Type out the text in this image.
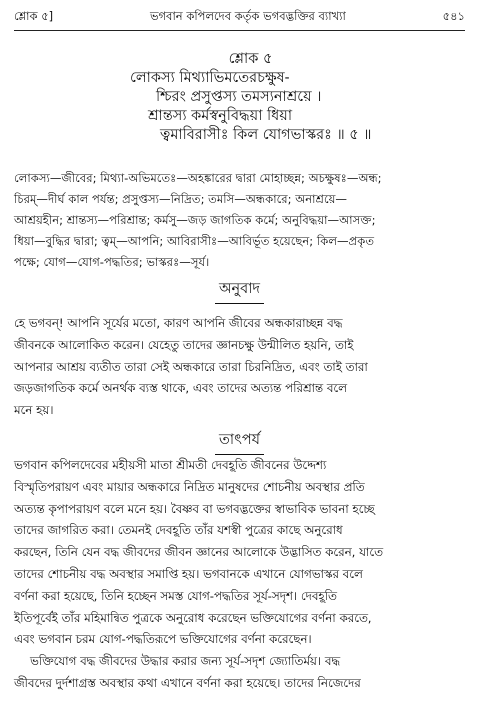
শ্লোক ৫]	ভগবান কপিলদেব কর্তৃক ভগবদ্ভক্তির ব্যাখ্যা	৫৪১
শ্লোক ৫
লোকস্য মিথ্যাভিমতেরচক্ষুষ-
শ্চিরং প্রসুপ্তস্য তমস্যনাশ্রয়ে ।
শ্রান্তস্য কর্মস্বনুবিদ্ধয়া ধিয়া
ত্বমাবিরাসীঃ কিল যোগভাস্করঃ ॥ ৫ ॥
লোকস্য—জীবের; মিথ্যা-অভিমতেঃ—অহঙ্কারের দ্বারা মোহাচ্ছন্ন; অচক্ষুষঃ—অন্ধ;
চিরম্—দীর্ঘ কাল পর্যন্ত; প্রসুপ্তস্য—নিদ্রিত; তমসি—অন্ধকারে; অনাশ্রয়ে—
আশ্রয়হীন; শ্রান্তস্য—পরিশ্রান্ত; কর্মসু—জড় জাগতিক কর্মে; অনুবিদ্ধয়া—আসক্ত;
ধিয়া—বুদ্ধির দ্বারা; ত্বম্—আপনি; আবিরাসীঃ—আবির্ভূত হয়েছেন; কিল—প্রকৃত
পক্ষে; যোগ—যোগ-পদ্ধতির; ভাস্করঃ—সূর্য।
অনুবাদ
হে ভগবন্! আপনি সূর্যের মতো, কারণ আপনি জীবের অন্ধকারাচ্ছন্ন বদ্ধ
জীবনকে আলোকিত করেন। যেহেতু তাদের জ্ঞানচক্ষু উন্মীলিত হয়নি, তাই
আপনার আশ্রয় ব্যতীত তারা সেই অন্ধকারে তারা চিরনিদ্রিত, এবং তাই তারা
জড়জাগতিক কর্মে অনর্থক ব্যস্ত থাকে, এবং তাদের অত্যন্ত পরিশ্রান্ত বলে
মনে হয়।
তাৎপর্য
ভগবান কপিলদেবের মহীয়সী মাতা শ্রীমতী দেবহূতি জীবনের উদ্দেশ্য
বিস্মৃতিপরায়ণ এবং মায়ার অন্ধকারে নিদ্রিত মানুষদের শোচনীয় অবস্থার প্রতি
অত্যন্ত কৃপাপরায়ণ বলে মনে হয়। বৈষ্ণব বা ভগবদ্ভক্তের স্বাভাবিক ভাবনা হচ্ছে
তাদের জাগরিত করা। তেমনই দেবহূতি তাঁর যশস্বী পুত্রের কাছে অনুরোধ
করছেন, তিনি যেন বদ্ধ জীবদের জীবন জ্ঞানের আলোকে উদ্ভাসিত করেন, যাতে
তাদের শোচনীয় বদ্ধ অবস্থার সমাপ্তি হয়। ভগবানকে এখানে যোগভাস্কর বলে
বর্ণনা করা হয়েছে, তিনি হচ্ছেন সমস্ত যোগ-পদ্ধতির সূর্য-সদৃশ। দেবহূতি
ইতিপূর্বেই তাঁর মহিমান্বিত পুত্রকে অনুরোধ করেছেন ভক্তিযোগের বর্ণনা করতে,
এবং ভগবান চরম যোগ-পদ্ধতিরূপে ভক্তিযোগের বর্ণনা করেছেন।
ভক্তিযোগ বদ্ধ জীবদের উদ্ধার করার জন্য সূর্য-সদৃশ জ্যোতির্ময়। বদ্ধ
জীবদের দুর্দশাগ্রস্ত অবস্থার কথা এখানে বর্ণনা করা হয়েছে। তাদের নিজেদের
